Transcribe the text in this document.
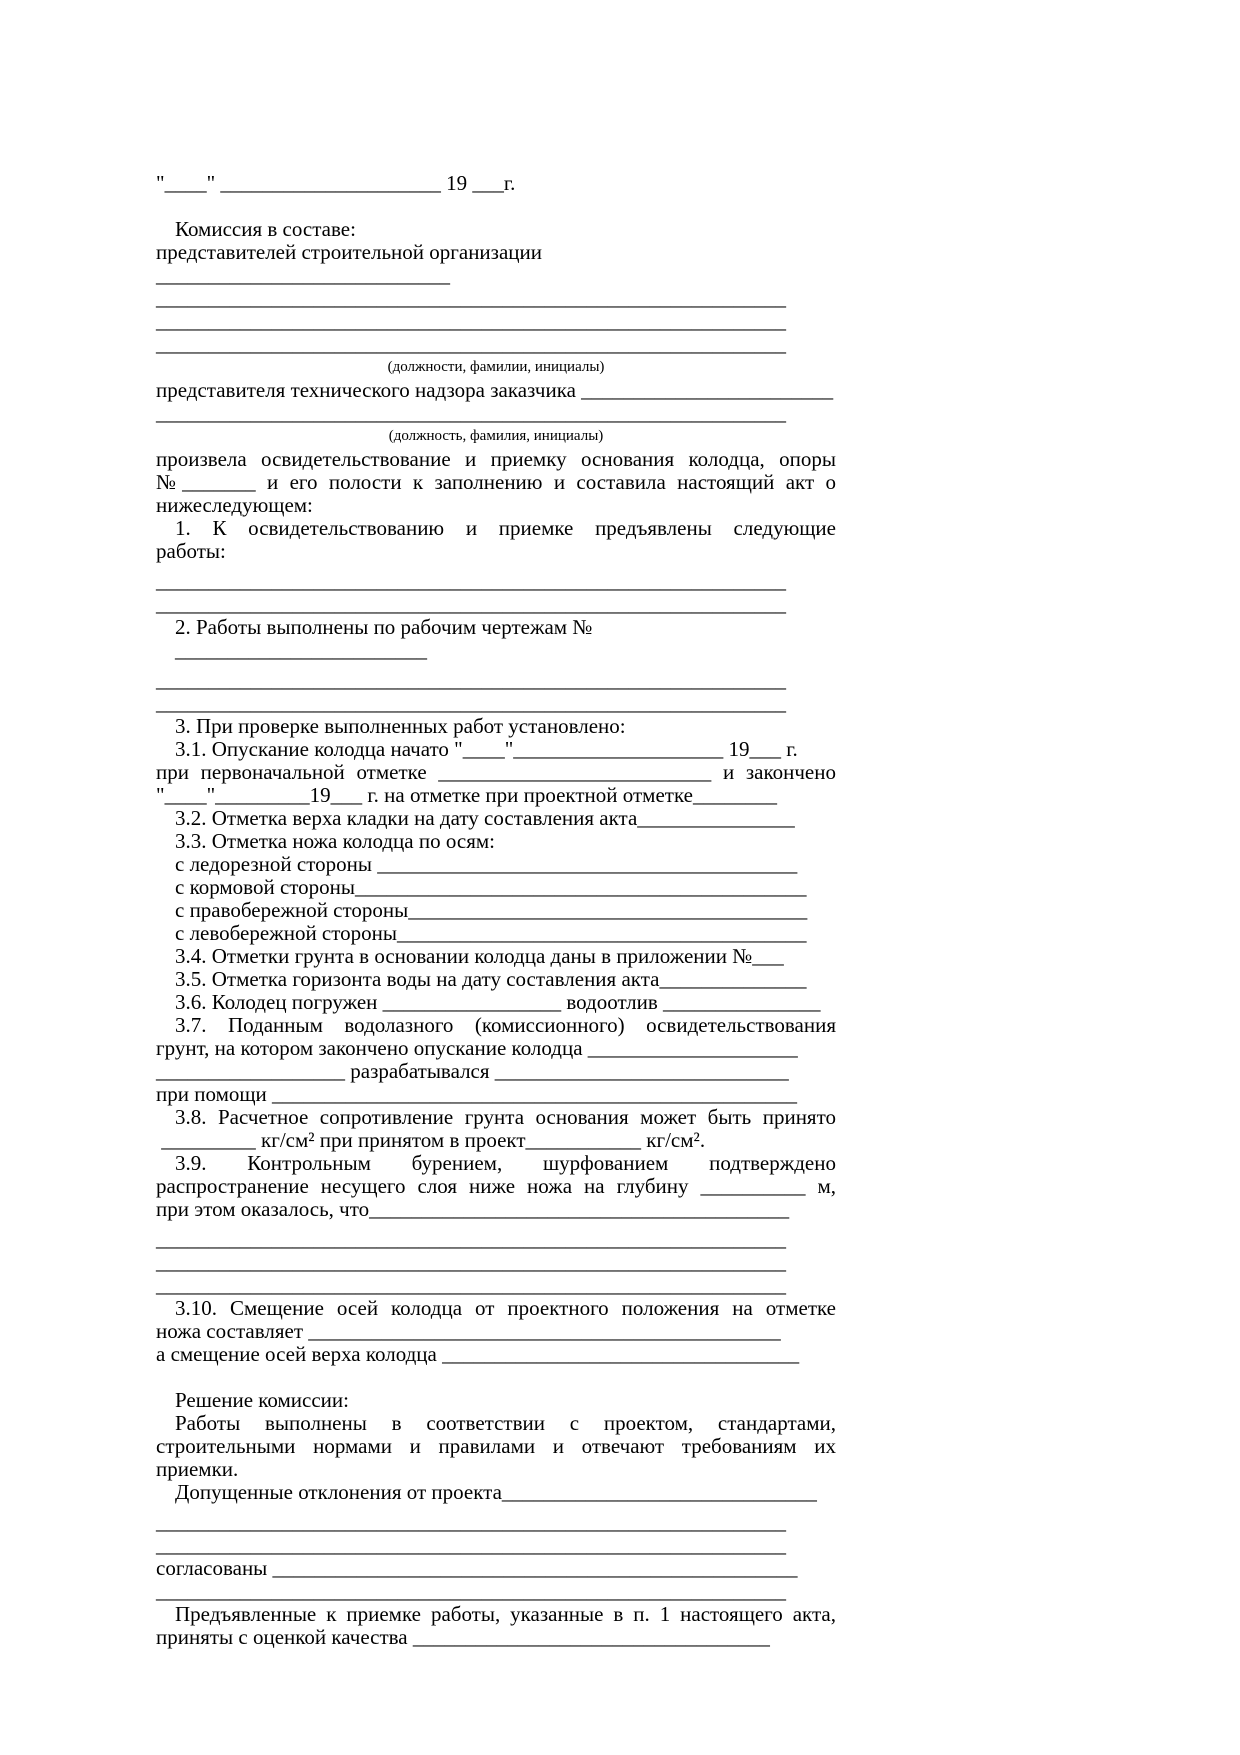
"____" _____________________ 19 ___г.

Комиссия в составе:
представителей строительной организации ____________________________
____________________________________________________________
____________________________________________________________
____________________________________________________________
(должности, фамилии, инициалы)
представителя технического надзора заказчика ________________________
____________________________________________________________
(должность, фамилия, инициалы)
произвела освидетельствование и приемку основания колодца, опоры
№_______ и его полости к заполнению и составила настоящий акт о
нижеследующем:
1. К освидетельствованию и приемке предъявлены следующие
работы:
____________________________________________________________
____________________________________________________________
2. Работы выполнены по рабочим чертежам № ________________________
____________________________________________________________
____________________________________________________________
3. При проверке выполненных работ установлено:
3.1. Опускание колодца начато "____"____________________ 19___ г.
при первоначальной отметке __________________________ и закончено
"____"_________19___ г. на отметке при проектной отметке________
3.2. Отметка верха кладки на дату составления акта_______________
3.3. Отметка ножа колодца по осям:
с ледорезной стороны ________________________________________
с кормовой стороны___________________________________________
с правобережной стороны______________________________________
с левобережной стороны_______________________________________
3.4. Отметки грунта в основании колодца даны в приложении №___
3.5. Отметка горизонта воды на дату составления акта______________
3.6. Колодец погружен _________________ водоотлив _______________
3.7. Поданным водолазного (комиссионного) освидетельствования
грунт, на котором закончено опускание колодца ____________________
__________________ разрабатывался ____________________________
при помощи __________________________________________________
3.8. Расчетное сопротивление грунта основания может быть принято
_________ кг/см² при принятом в проект___________ кг/см².
3.9. Контрольным бурением, шурфованием подтверждено
распространение несущего слоя ниже ножа на глубину __________ м,
при этом оказалось, что________________________________________
____________________________________________________________
____________________________________________________________
____________________________________________________________
3.10. Смещение осей колодца от проектного положения на отметке
ножа составляет _____________________________________________
а смещение осей верха колодца __________________________________

Решение комиссии:
Работы выполнены в соответствии с проектом, стандартами,
строительными нормами и правилами и отвечают требованиям их
приемки.
Допущенные отклонения от проекта______________________________
____________________________________________________________
____________________________________________________________
согласованы __________________________________________________
____________________________________________________________
Предъявленные к приемке работы, указанные в п. 1 настоящего акта,
приняты с оценкой качества __________________________________
